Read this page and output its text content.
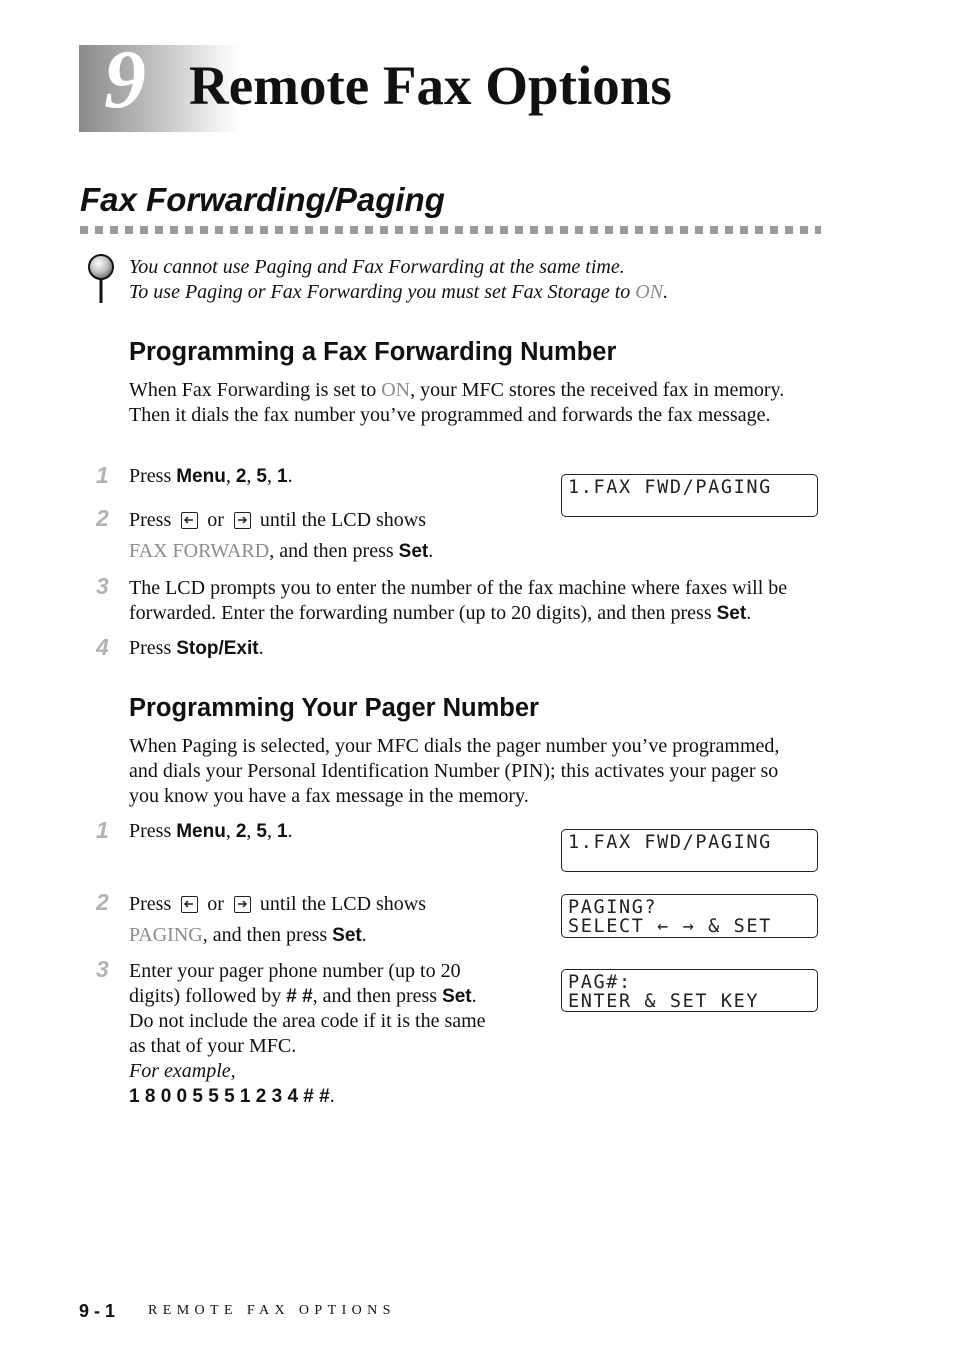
9 Remote Fax Options
Fax Forwarding/Paging
You cannot use Paging and Fax Forwarding at the same time.
To use Paging or Fax Forwarding you must set Fax Storage to ON.
Programming a Fax Forwarding Number
When Fax Forwarding is set to ON, your MFC stores the received fax in memory. Then it dials the fax number you’ve programmed and forwards the fax message.
1 Press Menu, 2, 5, 1.
1.FAX FWD/PAGING
2 Press or until the LCD shows
FAX FORWARD, and then press Set.
3 The LCD prompts you to enter the number of the fax machine where faxes will be forwarded. Enter the forwarding number (up to 20 digits), and then press Set.
4 Press Stop/Exit.
Programming Your Pager Number
When Paging is selected, your MFC dials the pager number you’ve programmed, and dials your Personal Identification Number (PIN); this activates your pager so you know you have a fax message in the memory.
1 Press Menu, 2, 5, 1.
1.FAX FWD/PAGING
2 Press or until the LCD shows
PAGING, and then press Set.
PAGING?
SELECT ← → & SET
3 Enter your pager phone number (up to 20 digits) followed by # #, and then press Set. Do not include the area code if it is the same as that of your MFC.
For example,
1 8 0 0 5 5 5 1 2 3 4 # #.
PAG#:
ENTER & SET KEY
9 - 1 REMOTE FAX OPTIONS
